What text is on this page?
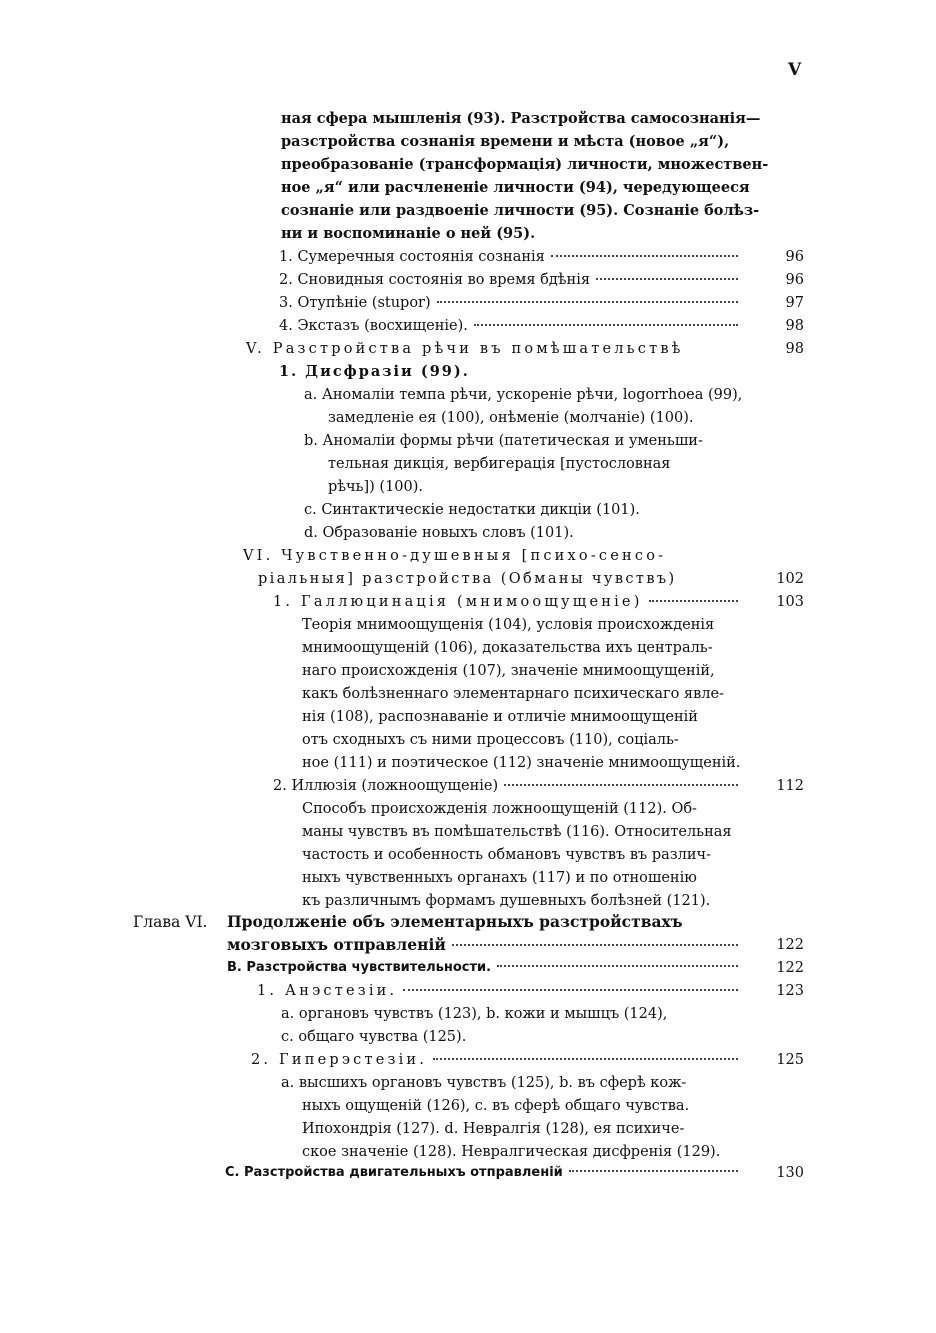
V
ная сфера мышленія (93). Разстройства самосознанія—
разстройства сознанія времени и мѣста (новое „я“),
преобразованіе (трансформація) личности, множествен-
ное „я“ или расчлененіе личности (94), чередующееся
сознаніе или раздвоеніе личности (95). Сознаніе болѣз-
ни и воспоминаніе о ней (95).
1. Сумеречныя состоянія сознанія	96
2. Сновидныя состоянія во время бдѣнія	96
3. Отупѣніе (stupor)	97
4. Экстазъ (восхищеніе).	98
V. Разстройства рѣчи въ помѣшательствѣ	98
1. Дисфразіи (99).
a. Аномаліи темпа рѣчи, ускореніе рѣчи, logorrhoea (99),
замедленіе ея (100), онѣменіе (молчаніе) (100).
b. Аномаліи формы рѣчи (патетическая и уменьши-
тельная дикція, вербигерація [пустословная
рѣчь]) (100).
c. Синтактическіе недостатки дикціи (101).
d. Образованіе новыхъ словъ (101).
VI. Чувственно-душевныя [психо-сенсо-
ріальныя] разстройства (Обманы чувствъ)	102
1. Галлюцинація (мнимоощущеніе)	103
Теорія мнимоощущенія (104), условія происхожденія
мнимоощущеній (106), доказательства ихъ централь-
наго происхожденія (107), значеніе мнимоощущеній,
какъ болѣзненнаго элементарнаго психическаго явле-
нія (108), распознаваніе и отличіе мнимоощущеній
отъ сходныхъ съ ними процессовъ (110), соціаль-
ное (111) и поэтическое (112) значеніе мнимоощущеній.
2. Иллюзія (ложноощущеніе)	112
Способъ происхожденія ложноощущеній (112). Об-
маны чувствъ въ помѣшательствѣ (116). Относительная
частость и особенность обмановъ чувствъ въ различ-
ныхъ чувственныхъ органахъ (117) и по отношенію
къ различнымъ формамъ душевныхъ болѣзней (121).
Глава VI. Продолженіе объ элементарныхъ разстройствахъ
мозговыхъ отправленій	122
B. Разстройства чувствительности.	122
1. Анэстезіи.	123
a. органовъ чувствъ (123), b. кожи и мышцъ (124),
c. общаго чувства (125).
2. Гиперэстезіи.	125
a. высшихъ органовъ чувствъ (125), b. въ сферѣ кож-
ныхъ ощущеній (126), c. въ сферѣ общаго чувства.
Ипохондрія (127). d. Невралгія (128), ея психиче-
ское значеніе (128). Невралгическая дисфренія (129).
C. Разстройства двигательныхъ отправленій	130
